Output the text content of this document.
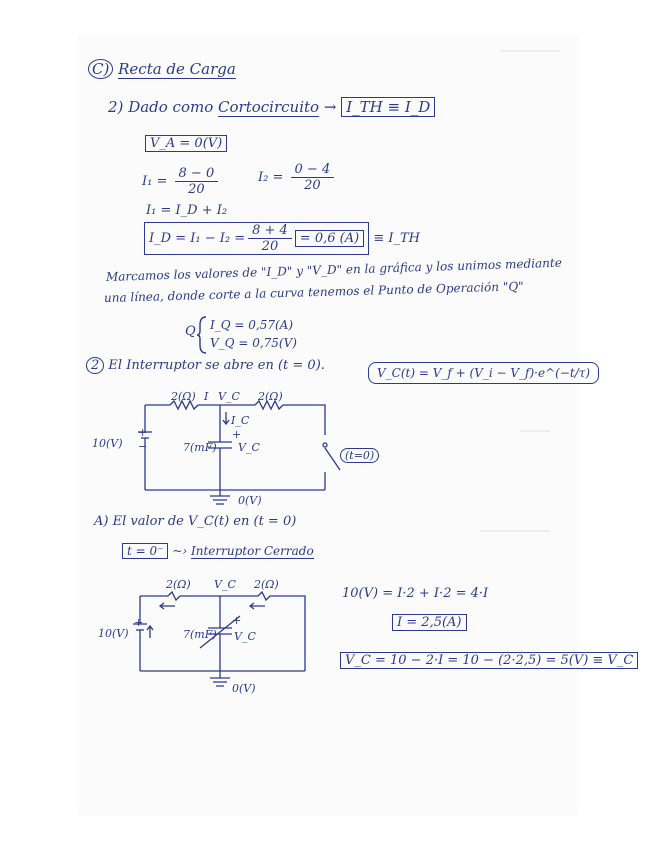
C) Recta de Carga
2) Dado como Cortocircuito → I_TH ≡ I_D
V_A = 0(V)
$I_1 = \frac{8 - 0}{20}$	$I_2 = \frac{0 - 4}{20}$
I₁ = I_D + I₂
I_D = $I_1 - I_2 = \frac{8 + 4}{20} = 0,6$ (A)	≡ I_TH
Marcamos los valores de "I_D" y "V_D" en la gráfica y los unimos mediante
una línea, donde corte a la curva tenemos el Punto de Operación "Q"
Q I_Q = 0,57(A)
V_Q = 0,75(V)
2 El Interruptor se abre en (t = 0).	V_C(t) = V_f + (V_i − V_f)·e^(−t/τ)
2(Ω) I V_C 2(Ω)
I_C
+
−
10(V)	7(mF)
+
V_C
(t=0)
0(V)
A) El valor de V_C(t) en (t = 0)
t = 0⁻ ~› Interruptor Cerrado
2(Ω) V_C 2(Ω)
+
10(V)	7(mF)
+
V_C
0(V)
10(V) = I·2 + I·2 = 4·I
I = 2,5(A)
V_C = 10 − 2·I = 10 − (2·2,5) = 5(V) ≡ V_C
